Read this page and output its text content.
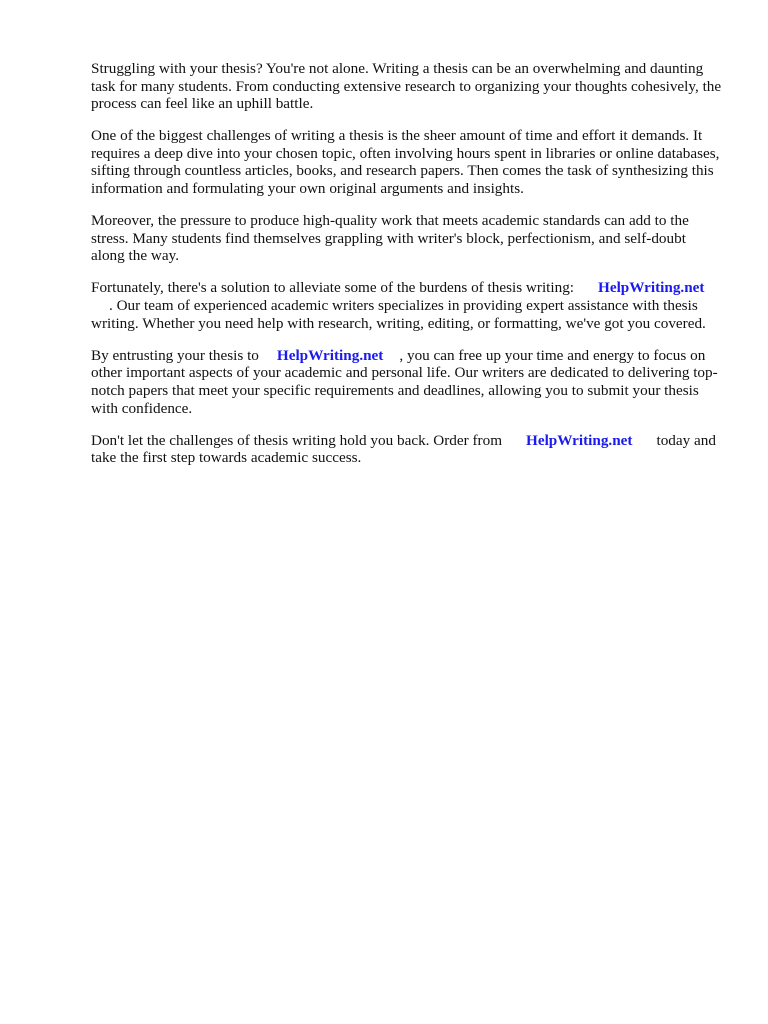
Struggling with your thesis? You're not alone. Writing a thesis can be an overwhelming and daunting task for many students. From conducting extensive research to organizing your thoughts cohesively, the process can feel like an uphill battle.

One of the biggest challenges of writing a thesis is the sheer amount of time and effort it demands. It requires a deep dive into your chosen topic, often involving hours spent in libraries or online databases, sifting through countless articles, books, and research papers. Then comes the task of synthesizing this information and formulating your own original arguments and insights.

Moreover, the pressure to produce high-quality work that meets academic standards can add to the stress. Many students find themselves grappling with writer's block, perfectionism, and self-doubt along the way.

Fortunately, there's a solution to alleviate some of the burdens of thesis writing: HelpWriting.net
. Our team of experienced academic writers specializes in providing expert assistance with thesis writing. Whether you need help with research, writing, editing, or formatting, we've got you covered.

By entrusting your thesis to HelpWriting.net , you can free up your time and energy to focus on other important aspects of your academic and personal life. Our writers are dedicated to delivering top-notch papers that meet your specific requirements and deadlines, allowing you to submit your thesis with confidence.

Don't let the challenges of thesis writing hold you back. Order from HelpWriting.net today and take the first step towards academic success.
